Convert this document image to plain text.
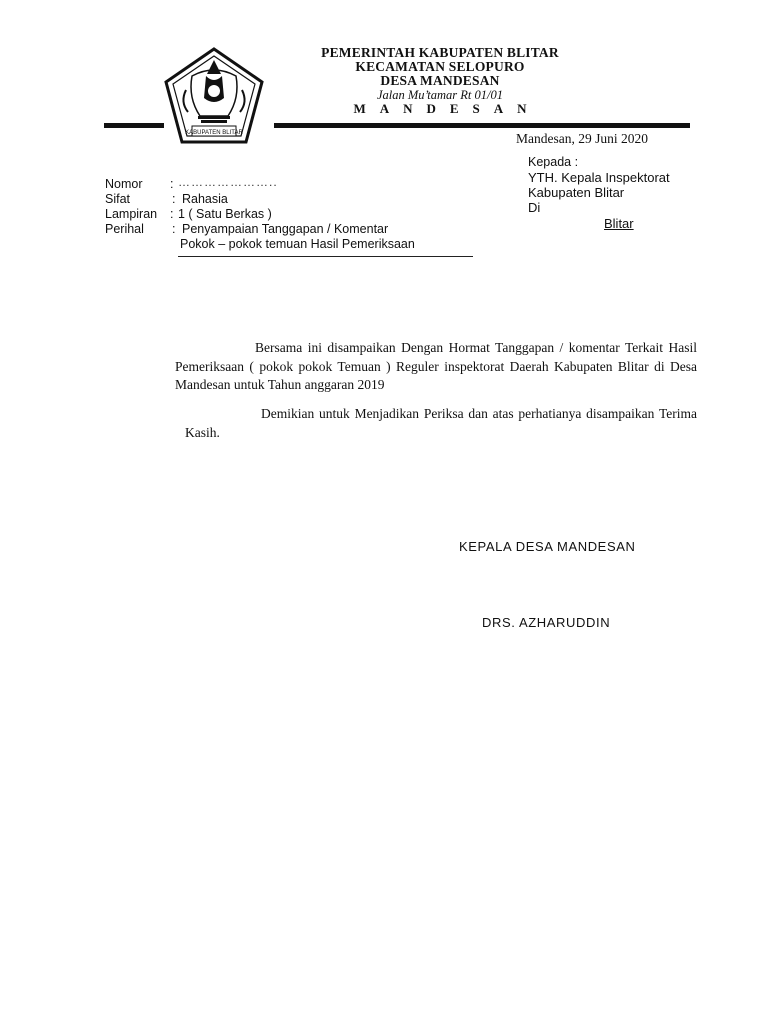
KABUPATEN BLITAR
PEMERINTAH KABUPATEN BLITAR
KECAMATAN SELOPURO
DESA MANDESAN
Jalan Mu’tamar Rt 01/01
MANDESAN
Mandesan, 29 Juni 2020
Kepada :
YTH. Kepala Inspektorat
Kabupaten Blitar
Di
Blitar
Nomor : …………………..
Sifat	: Rahasia
Lampiran : 1 ( Satu Berkas )
Perihal : Penyampaian Tanggapan / Komentar
Pokok – pokok temuan Hasil Pemeriksaan
Bersama ini disampaikan Dengan Hormat Tanggapan / komentar Terkait Hasil Pemeriksaan ( pokok pokok Temuan ) Reguler inspektorat Daerah Kabupaten Blitar di Desa Mandesan untuk Tahun anggaran 2019
Demikian untuk Menjadikan Periksa dan atas perhatianya disampaikan Terima Kasih.
KEPALA DESA MANDESAN
DRS. AZHARUDDIN
